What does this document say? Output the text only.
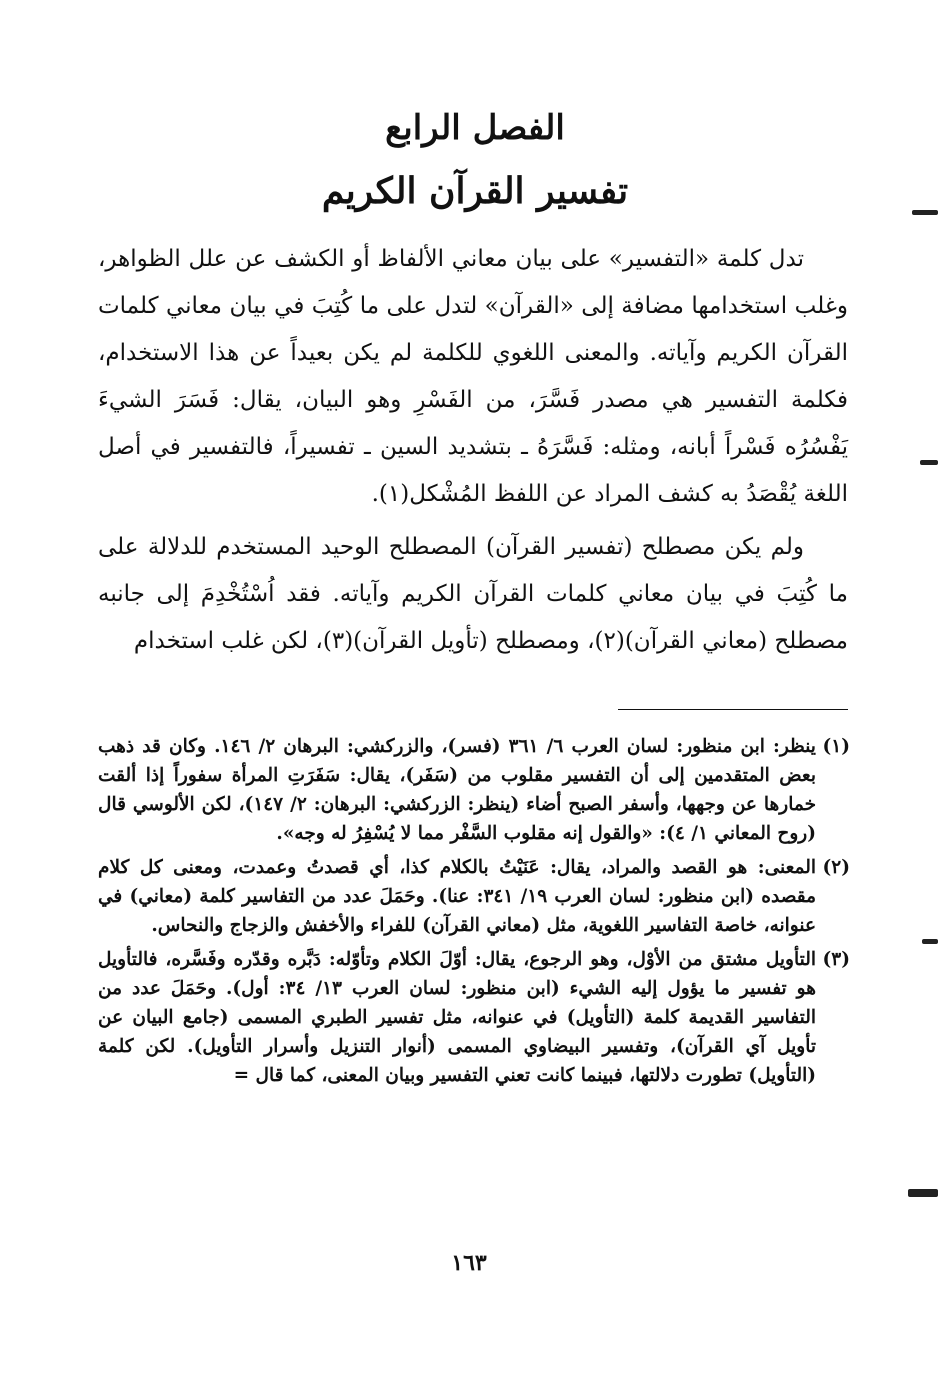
الفصل الرابع
تفسير القرآن الكريم

تدل كلمة «التفسير» على بيان معاني الألفاظ أو الكشف عن علل الظواهر، وغلب استخدامها مضافة إلى «القرآن» لتدل على ما كُتِبَ في بيان معاني كلمات القرآن الكريم وآياته. والمعنى اللغوي للكلمة لم يكن بعيداً عن هذا الاستخدام، فكلمة التفسير هي مصدر فَسَّرَ، من الفَسْرِ وهو البيان، يقال: فَسَرَ الشيءَ يَفْسُرُه فَسْراً أبانه، ومثله: فَسَّرَهُ ـ بتشديد السين ـ تفسيراً، فالتفسير في أصل اللغة يُقْصَدُ به كشف المراد عن اللفظ المُشْكل(١).

ولم يكن مصطلح (تفسير القرآن) المصطلح الوحيد المستخدم للدلالة على ما كُتِبَ في بيان معاني كلمات القرآن الكريم وآياته. فقد اُسْتُخْدِمَ إلى جانبه مصطلح (معاني القرآن)(٢)، ومصطلح (تأويل القرآن)(٣)، لكن غلب استخدام

(١)
ينظر: ابن منظور: لسان العرب ٦/ ٣٦١ (فسر)، والزركشي: البرهان ٢/ ١٤٦. وكان قد ذهب بعض المتقدمين إلى أن التفسير مقلوب من (سَفَر)، يقال: سَفَرَتِ المرأة سفوراً إذا ألقت خمارها عن وجهها، وأسفر الصبح أضاء (ينظر: الزركشي: البرهان: ٢/ ١٤٧)، لكن الألوسي قال (روح المعاني ١/ ٤): «والقول إنه مقلوب السَّفْر مما لا يُسْفِرُ له وجه».
(٢)
المعنى: هو القصد والمراد، يقال: عَنَيْتُ بالكلام كذا، أي قصدتُ وعمدت، ومعنى كل كلام مقصده (ابن منظور: لسان العرب ١٩/ ٣٤١: عنا). وحَمَلَ عدد من التفاسير كلمة (معاني) في عنوانه، خاصة التفاسير اللغوية، مثل (معاني القرآن) للفراء والأخفش والزجاج والنحاس.
(٣)
التأويل مشتق من الأوْل، وهو الرجوع، يقال: أوّلَ الكلام وتأوّله: دَبَّره وقدّره وفَسَّره، فالتأويل هو تفسير ما يؤول إليه الشيء (ابن منظور: لسان العرب ١٣/ ٣٤: أول). وحَمَلَ عدد من التفاسير القديمة كلمة (التأويل) في عنوانه، مثل تفسير الطبري المسمى (جامع البيان عن تأويل آي القرآن)، وتفسير البيضاوي المسمى (أنوار التنزيل وأسرار التأويل). لكن كلمة (التأويل) تطورت دلالتها، فبينما كانت تعني التفسير وبيان المعنى، كما قال =
١٦٣
